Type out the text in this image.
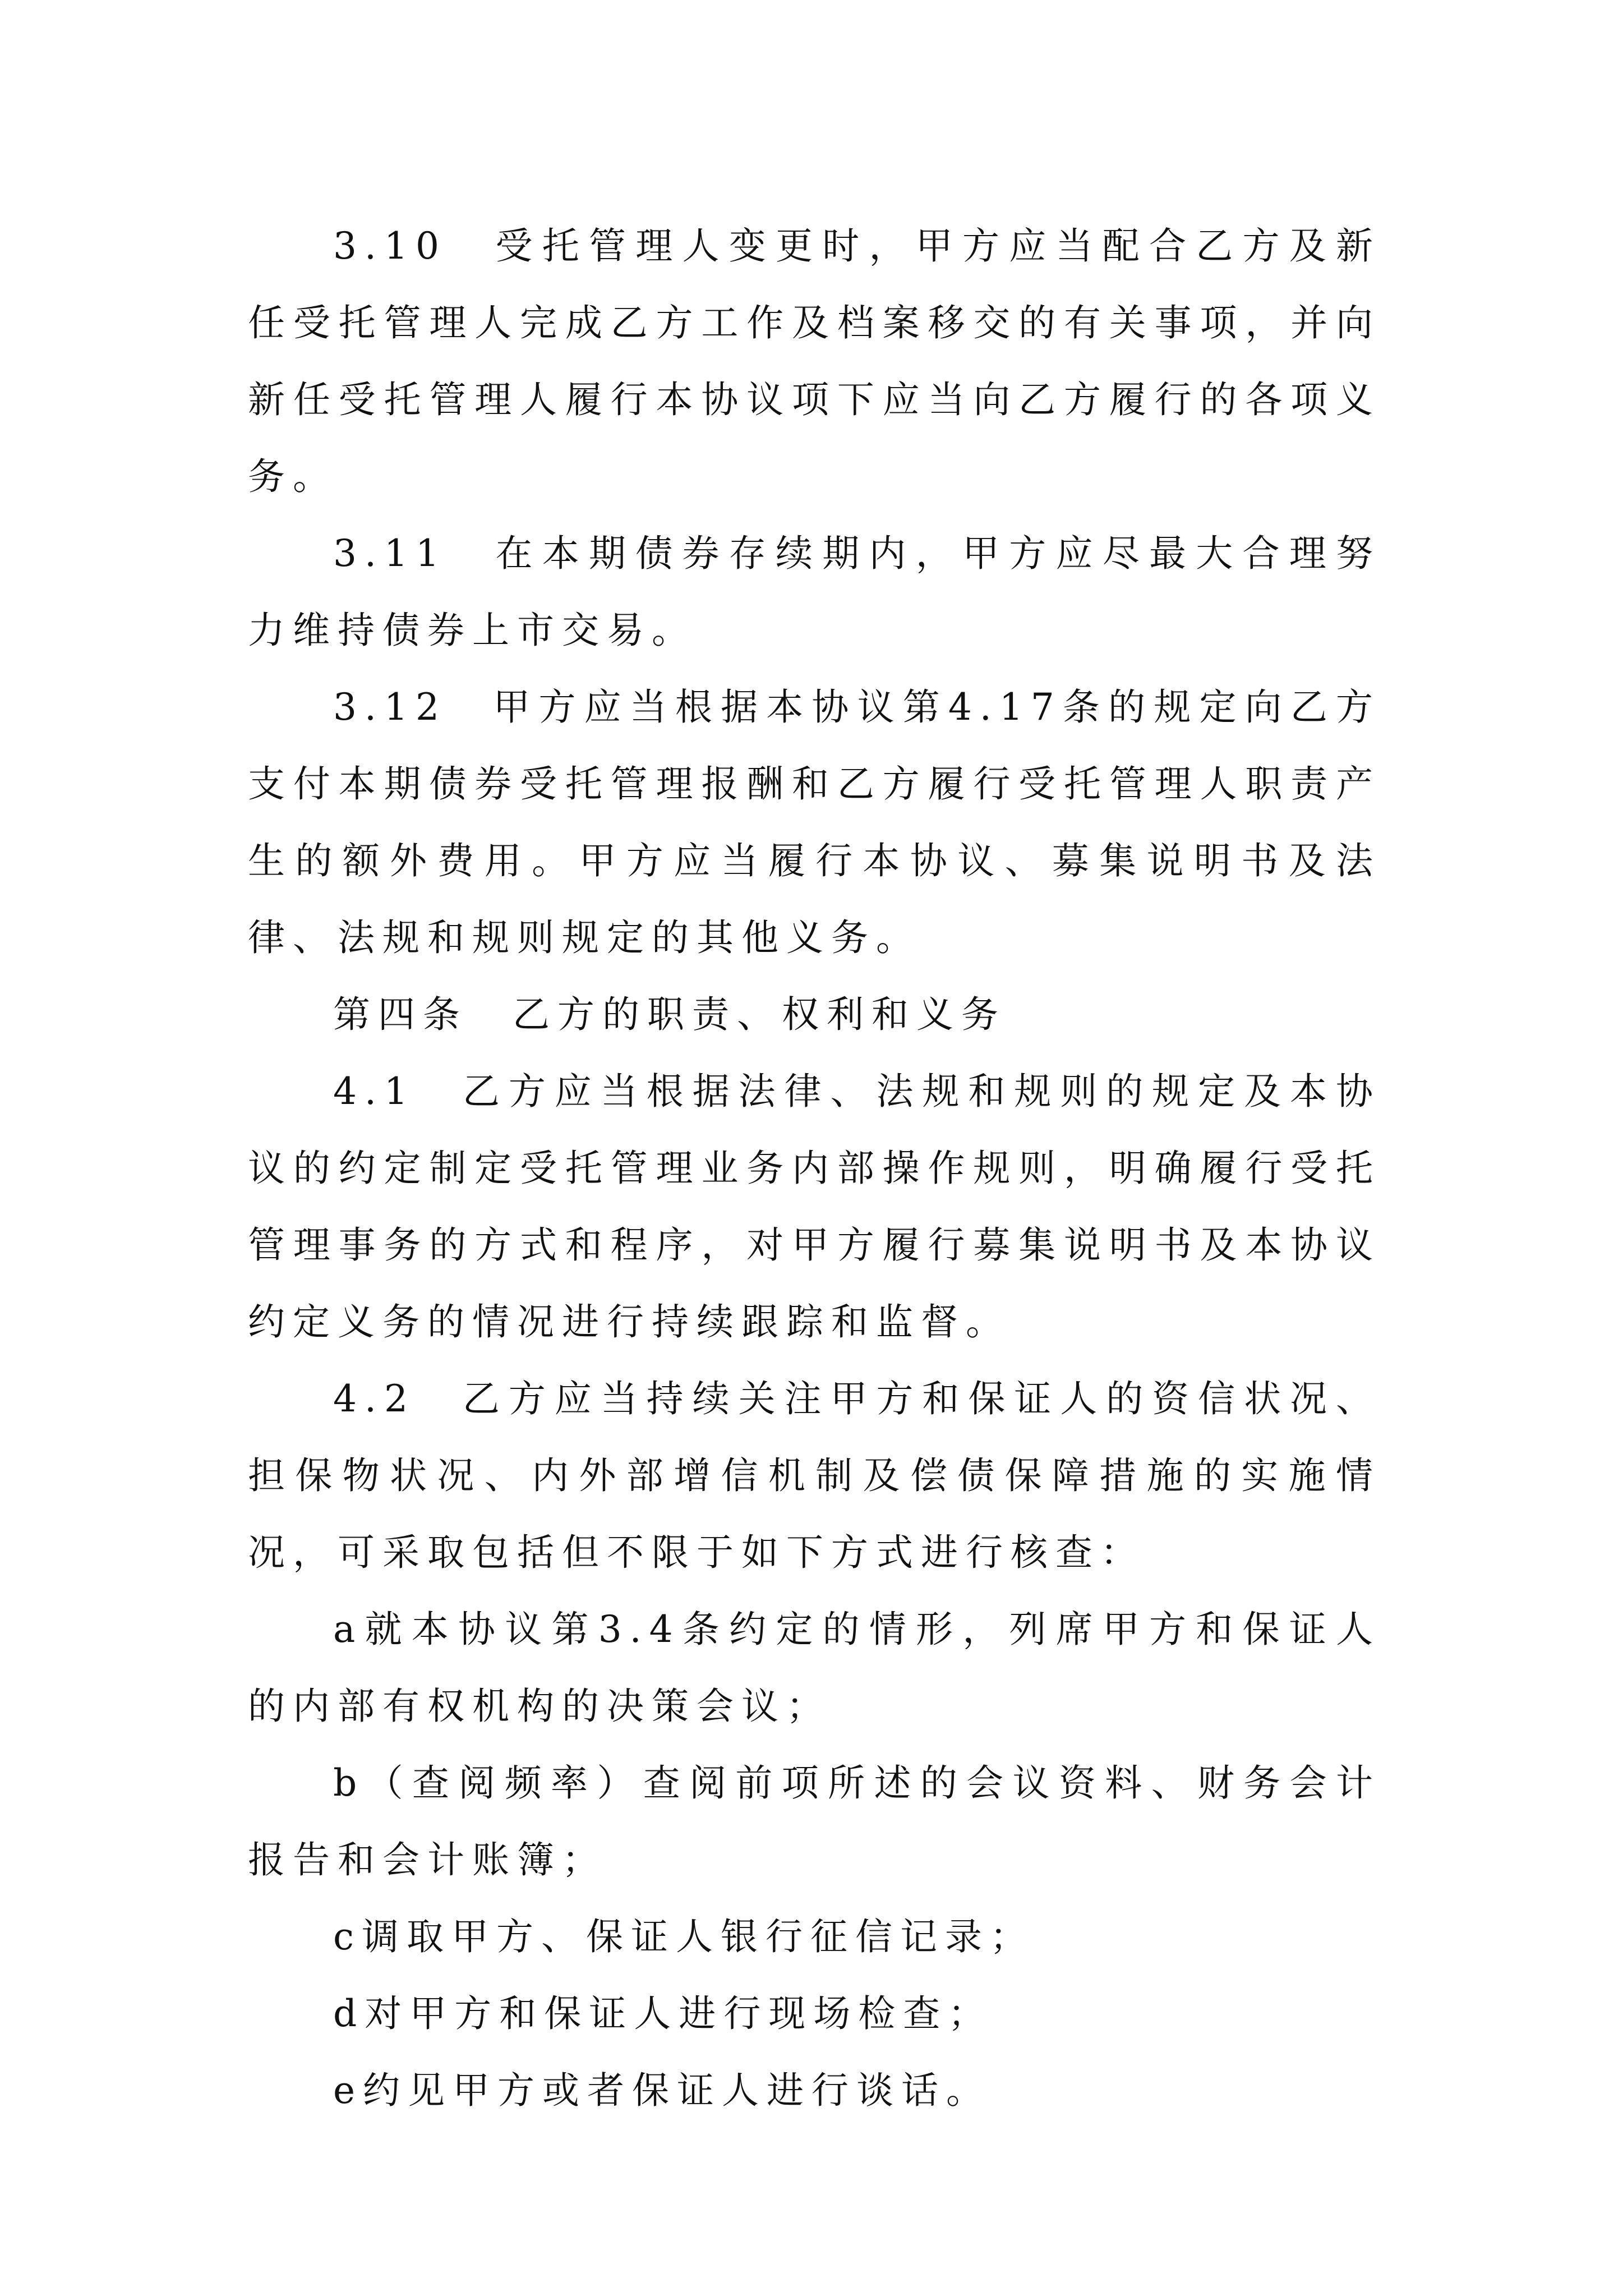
3.10　受托管理人变更时，甲方应当配合乙方及新任受托管理人完成乙方工作及档案移交的有关事项，并向新任受托管理人履行本协议项下应当向乙方履行的各项义务。

3.11　在本期债券存续期内，甲方应尽最大合理努力维持债券上市交易。

3.12　甲方应当根据本协议第4.17条的规定向乙方支付本期债券受托管理报酬和乙方履行受托管理人职责产生的额外费用。甲方应当履行本协议、募集说明书及法律、法规和规则规定的其他义务。

第四条　乙方的职责、权利和义务

4.1　乙方应当根据法律、法规和规则的规定及本协议的约定制定受托管理业务内部操作规则，明确履行受托管理事务的方式和程序，对甲方履行募集说明书及本协议约定义务的情况进行持续跟踪和监督。

4.2　乙方应当持续关注甲方和保证人的资信状况、担保物状况、内外部增信机制及偿债保障措施的实施情况，可采取包括但不限于如下方式进行核查：

a就本协议第3.4条约定的情形，列席甲方和保证人的内部有权机构的决策会议；

b（查阅频率）查阅前项所述的会议资料、财务会计报告和会计账簿；

c调取甲方、保证人银行征信记录；

d对甲方和保证人进行现场检查；

e约见甲方或者保证人进行谈话。
